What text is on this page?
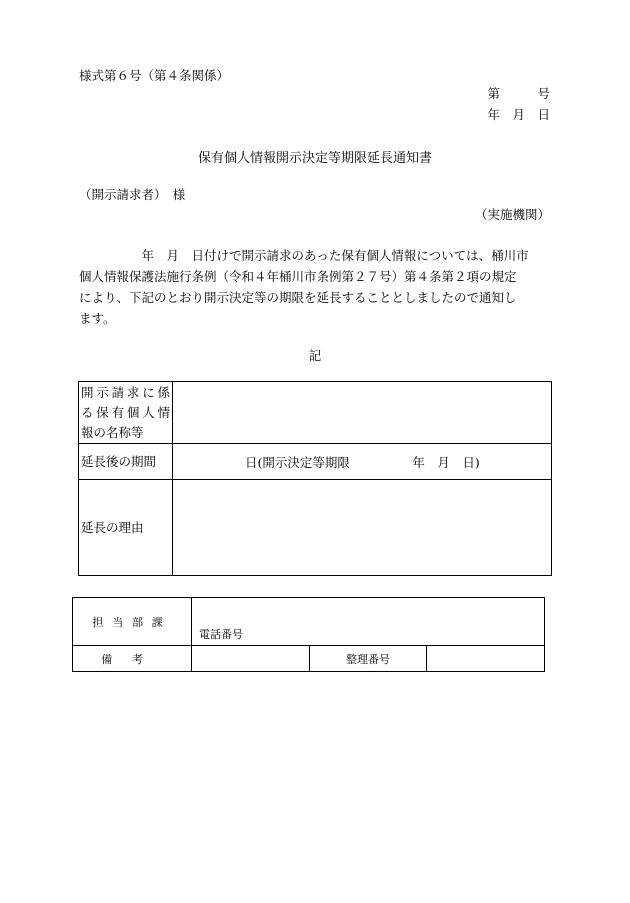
様式第６号（第４条関係）
第　　　号
年　月　日
保有個人情報開示決定等期限延長通知書
（開示請求者）　様
（実施機関）

　　　　　年　月　日付けで開示請求のあった保有個人情報については、桶川市

個人情報保護法施行条例（令和４年桶川市条例第２７号）第４条第２項の規定

により、下記のとおり開示決定等の期限を延長することとしましたので通知し

ます。

記
開示請求に係
る保有個人情
報の名称等	

延長後の期間	日(開示決定等期限　　　　　年　月　日)
延長の理由	
担当部課	電話番号		
備考		整理番号	
